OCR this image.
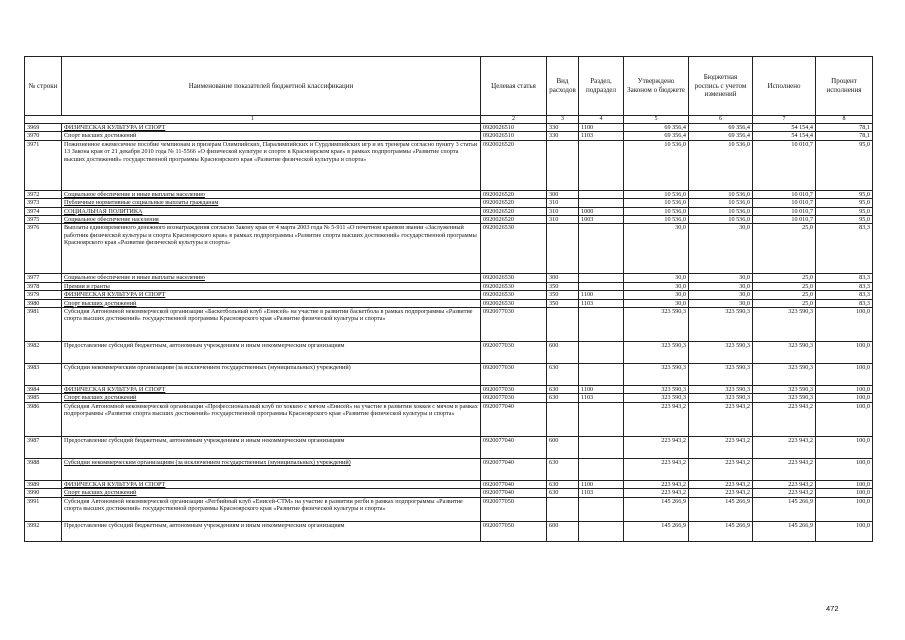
№ строки	Наименование показателей бюджетной классификации	Целевая статья	Вид расходов	Раздел, подраздел	Утверждено Законом о бюджете	Бюджетная роспись с учетом изменений	Исполнено	Процент исполнения
1		2	3	4	5	6	7	8
3969	ФИЗИЧЕСКАЯ КУЛЬТУРА И СПОРТ	0920026510	330	1100	69 356,4	69 356,4	54 154,4	78,1
3970	Спорт высших достижений	0920026510	330	1103	69 356,4	69 356,4	54 154,4	78,1
3971	Пожизненное ежемесячное пособие чемпионам и призерам Олимпийских, Паралимпийских и Сурдлимпийских игр и их тренерам согласно пункту 3 статьи 13 Закона края от 21 декабря 2010 года № 11-5566 «О физической культуре и спорте в Красноярском крае» в рамках подпрограммы «Развитие спорта высших достижений» государственной программы Красноярского края «Развитие физической культуры и спорта»	0920026520			10 536,0	10 536,0	10 010,7	95,0
3972	Социальное обеспечение и иные выплаты населению	0920026520	300		10 536,0	10 536,0	10 010,7	95,0
3973	Публичные нормативные социальные выплаты гражданам	0920026520	310		10 536,0	10 536,0	10 010,7	95,0
3974	СОЦИАЛЬНАЯ ПОЛИТИКА	0920026520	310	1000	10 536,0	10 536,0	10 010,7	95,0
3975	Социальное обеспечение населения	0920026520	310	1003	10 536,0	10 536,0	10 010,7	95,0
3976	Выплаты единовременного денежного вознаграждения согласно Закону края от 4 марта 2003 года № 5-911 «О почетном краевом звании «Заслуженный работник физической культуры и спорта Красноярского края» в рамках подпрограммы «Развитие спорта высших достижений» государственной программы Красноярского края «Развитие физической культуры и спорта»	0920026530			30,0	30,0	25,0	83,3
3977	Социальное обеспечение и иные выплаты населению	0920026530	300		30,0	30,0	25,0	83,3
3978	Премии и гранты	0920026530	350		30,0	30,0	25,0	83,3
3979	ФИЗИЧЕСКАЯ КУЛЬТУРА И СПОРТ	0920026530	350	1100	30,0	30,0	25,0	83,3
3980	Спорт высших достижений	0920026530	350	1103	30,0	30,0	25,0	83,3
3981	Субсидия Автономной некоммерческой организации «Баскетбольный клуб «Енисей» на участие в развитии баскетбола в рамках подпрограммы «Развитие спорта высших достижений» государственной программы Красноярского края «Развитие физической культуры и спорта»	0920077030			323 590,3	323 590,3	323 590,3	100,0
3982	Предоставление субсидий бюджетным, автономным учреждениям и иным некоммерческим организациям	0920077030	600		323 590,3	323 590,3	323 590,3	100,0
3983	Субсидии некоммерческим организациям (за исключением государственных (муниципальных) учреждений)	0920077030	630		323 590,3	323 590,3	323 590,3	100,0
3984	ФИЗИЧЕСКАЯ КУЛЬТУРА И СПОРТ	0920077030	630	1100	323 590,3	323 590,3	323 590,3	100,0
3985	Спорт высших достижений	0920077030	630	1103	323 590,3	323 590,3	323 590,3	100,0
3986	Субсидия Автономной некоммерческой организации «Профессиональный клуб по хоккею с мячом «Енисей» на участие в развитии хоккея с мячом в рамках подпрограммы «Развитие спорта высших достижений» государственной программы Красноярского края «Развитие физической культуры и спорта»	0920077040			223 943,2	223 943,2	223 943,2	100,0
3987	Предоставление субсидий бюджетным, автономным учреждениям и иным некоммерческим организациям	0920077040	600		223 943,2	223 943,2	223 943,2	100,0
3988	Субсидии некоммерческим организациям (за исключением государственных (муниципальных) учреждений)	0920077040	630		223 943,2	223 943,2	223 943,2	100,0
3989	ФИЗИЧЕСКАЯ КУЛЬТУРА И СПОРТ	0920077040	630	1100	223 943,2	223 943,2	223 943,2	100,0
3990	Спорт высших достижений	0920077040	630	1103	223 943,2	223 943,2	223 943,2	100,0
3991	Субсидия Автономной некоммерческой организации «Регбийный клуб «Енисей-СТМ» на участие в развитии регби в рамках подпрограммы «Развитие спорта высших достижений» государственной программы Красноярского края «Развитие физической культуры и спорта»	0920077050			145 266,9	145 266,9	145 266,9	100,0
3992	Предоставление субсидий бюджетным, автономным учреждениям и иным некоммерческим организациям	0920077050	600		145 266,9	145 266,9	145 266,9	100,0
472
